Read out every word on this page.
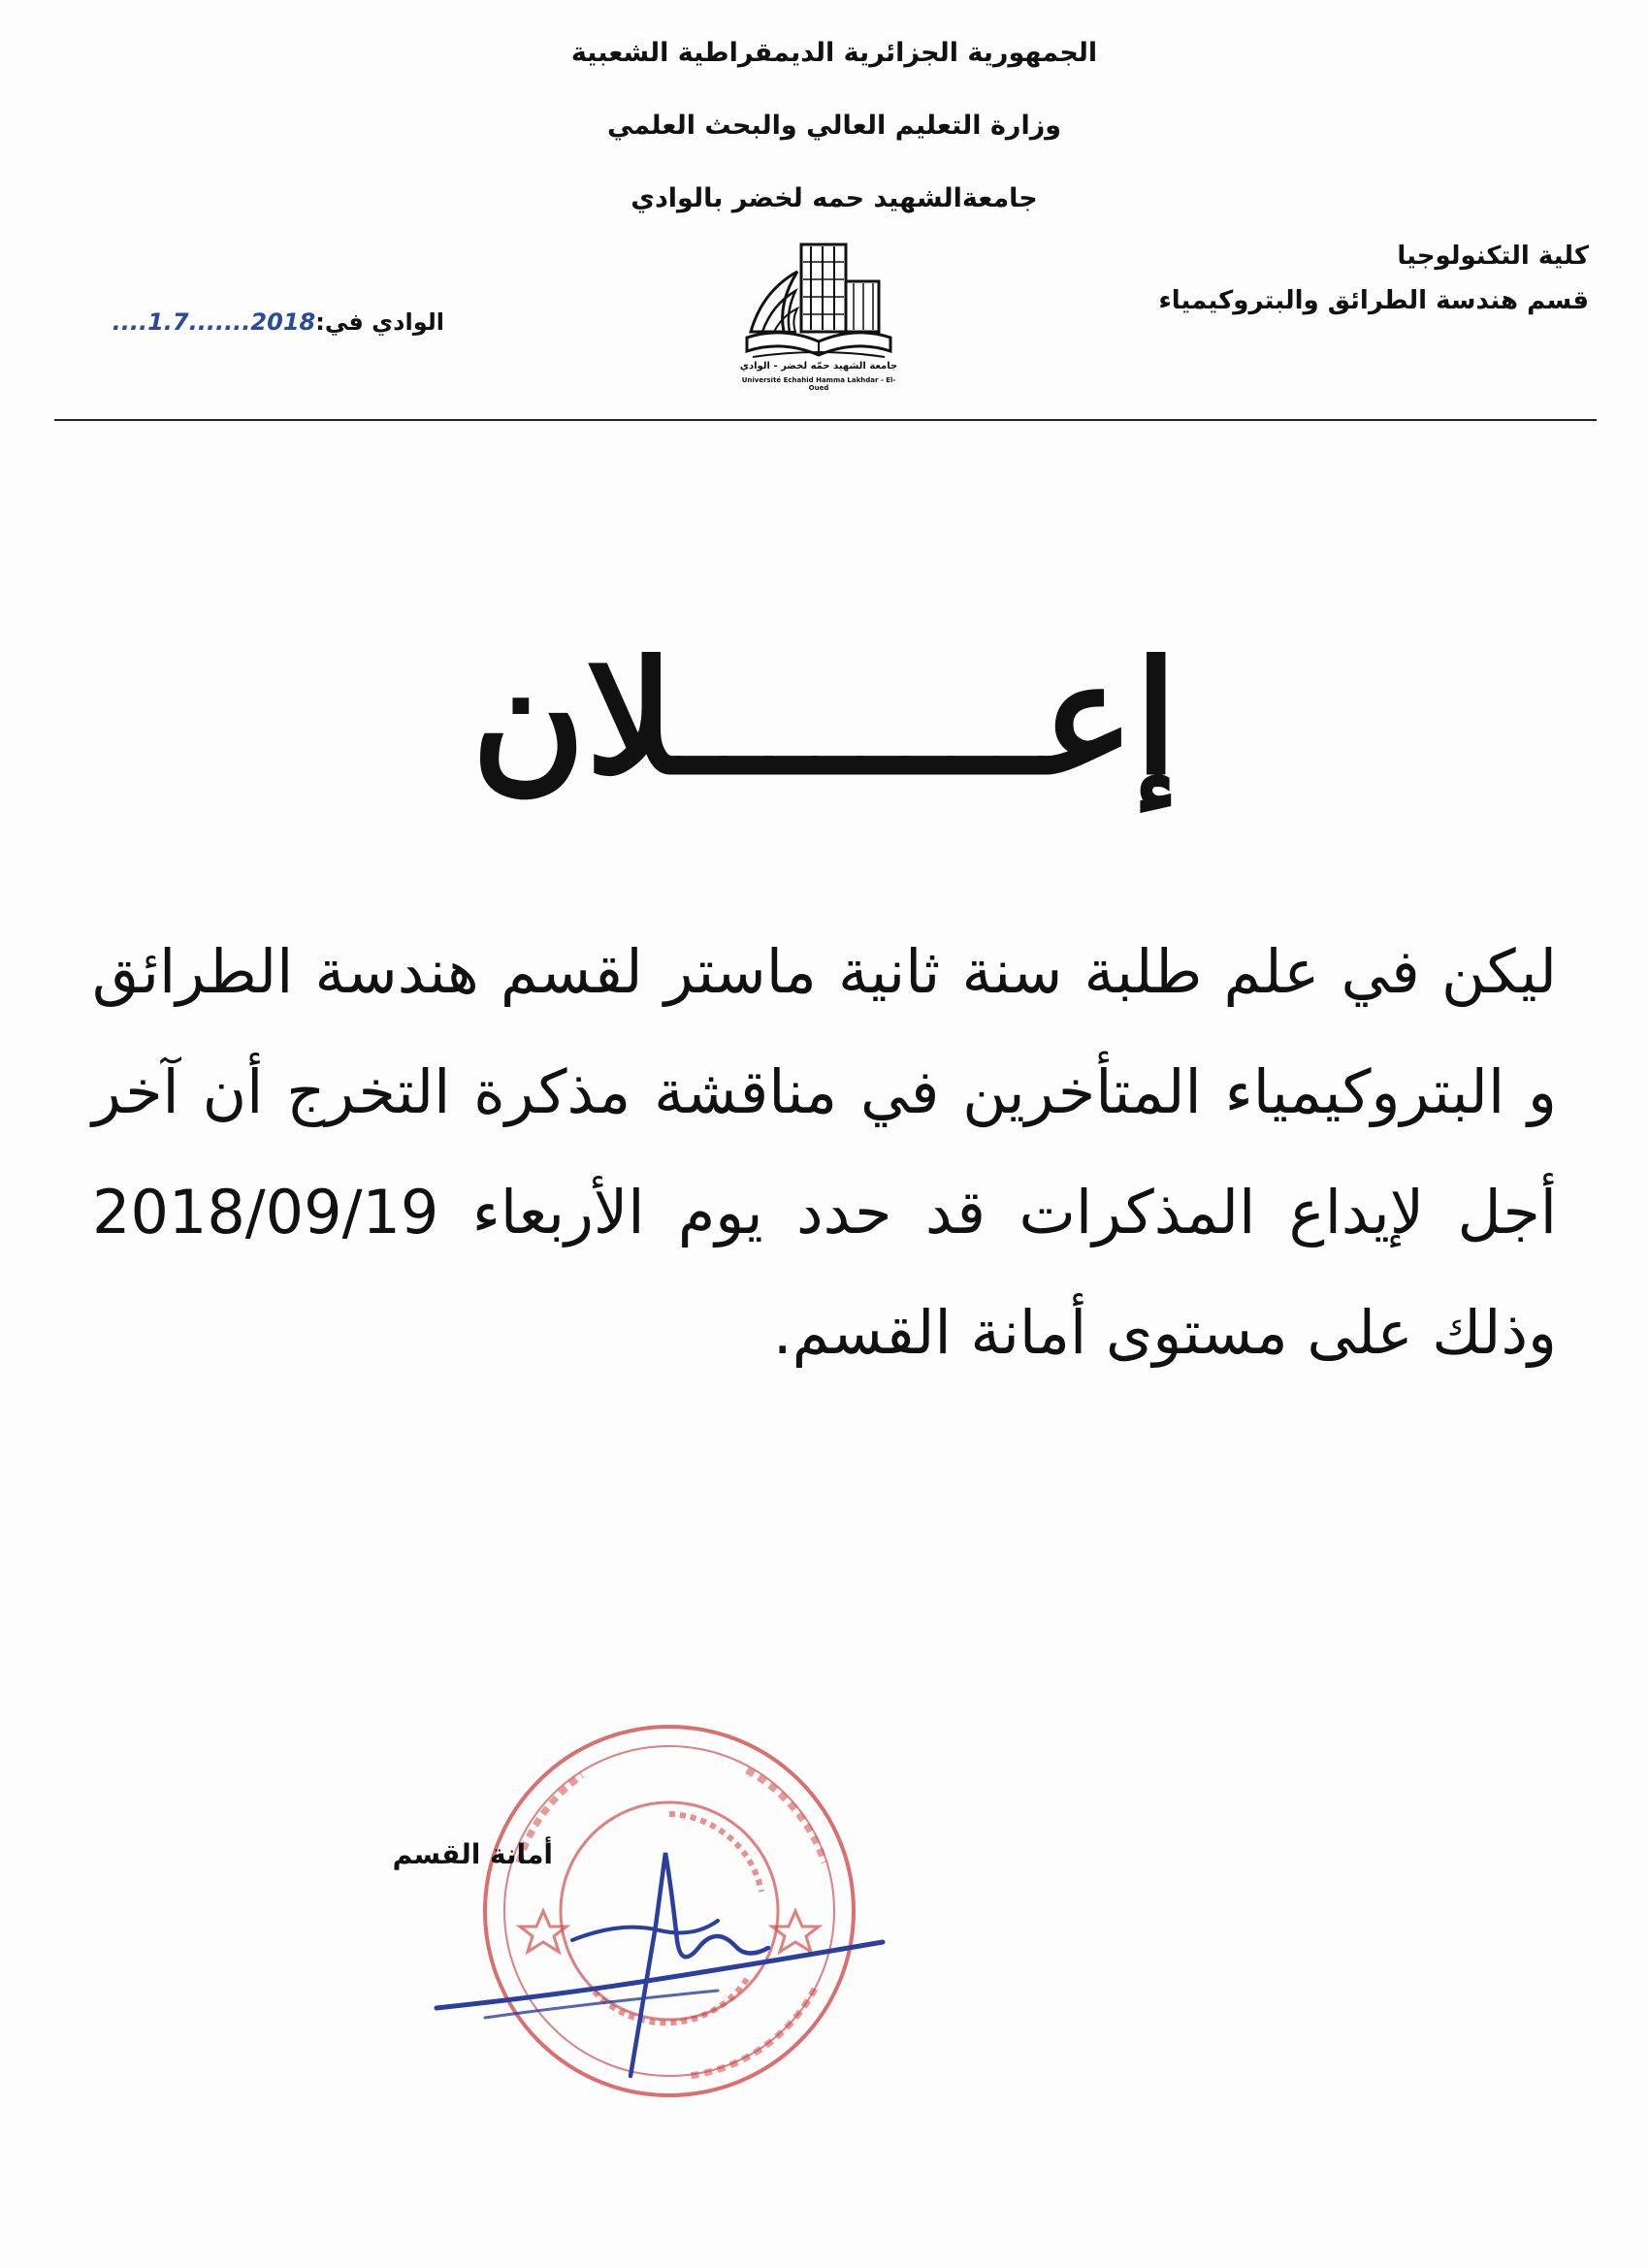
الجمهورية الجزائرية الديمقراطية الشعبية
وزارة التعليم العالي والبحث العلمي
جامعةالشهيد حمه لخضر بالوادي
كلية التكنولوجيا
قسم هندسة الطرائق والبتروكيمياء
الوادي في:2018.......1.7....
جامعة الشهيد حمّه لخضر - الوادي
Université Echahid Hamma Lakhdar - El-Oued
إعــــــــلان
ليكن في علم طلبة سنة ثانية ماستر لقسم هندسة الطرائق و البتروكيمياء المتأخرين في مناقشة مذكرة التخرج أن آخر أجل لإيداع المذكرات قد حدد يوم الأربعاء 2018/09/19 وذلك على مستوى أمانة القسم.
أمانة القسم
